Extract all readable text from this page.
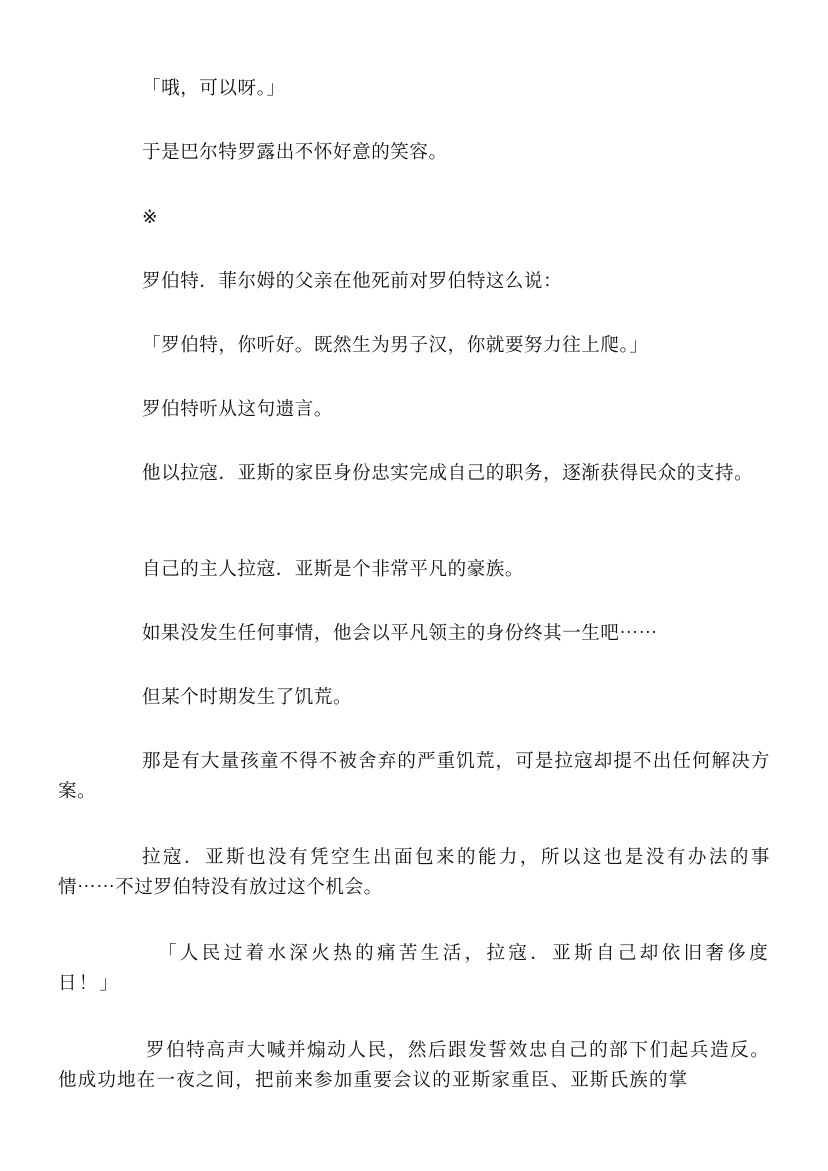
「哦，可以呀。」

于是巴尔特罗露出不怀好意的笑容。

※

罗伯特．菲尔姆的父亲在他死前对罗伯特这么说：

「罗伯特，你听好。既然生为男子汉，你就要努力往上爬。」

罗伯特听从这句遗言。

他以拉寇．亚斯的家臣身份忠实完成自己的职务，逐渐获得民众的支持。

自己的主人拉寇．亚斯是个非常平凡的豪族。

如果没发生任何事情，他会以平凡领主的身份终其一生吧⋯⋯

但某个时期发生了饥荒。

那是有大量孩童不得不被舍弃的严重饥荒，可是拉寇却提不出任何解决方案。

拉寇．亚斯也没有凭空生出面包来的能力，所以这也是没有办法的事情⋯⋯不过罗伯特没有放过这个机会。

「人民过着水深火热的痛苦生活，拉寇．亚斯自己却依旧奢侈度日！」

罗伯特高声大喊并煽动人民，然后跟发誓效忠自己的部下们起兵造反。他成功地在一夜之间，把前来参加重要会议的亚斯家重臣、亚斯氏族的掌
